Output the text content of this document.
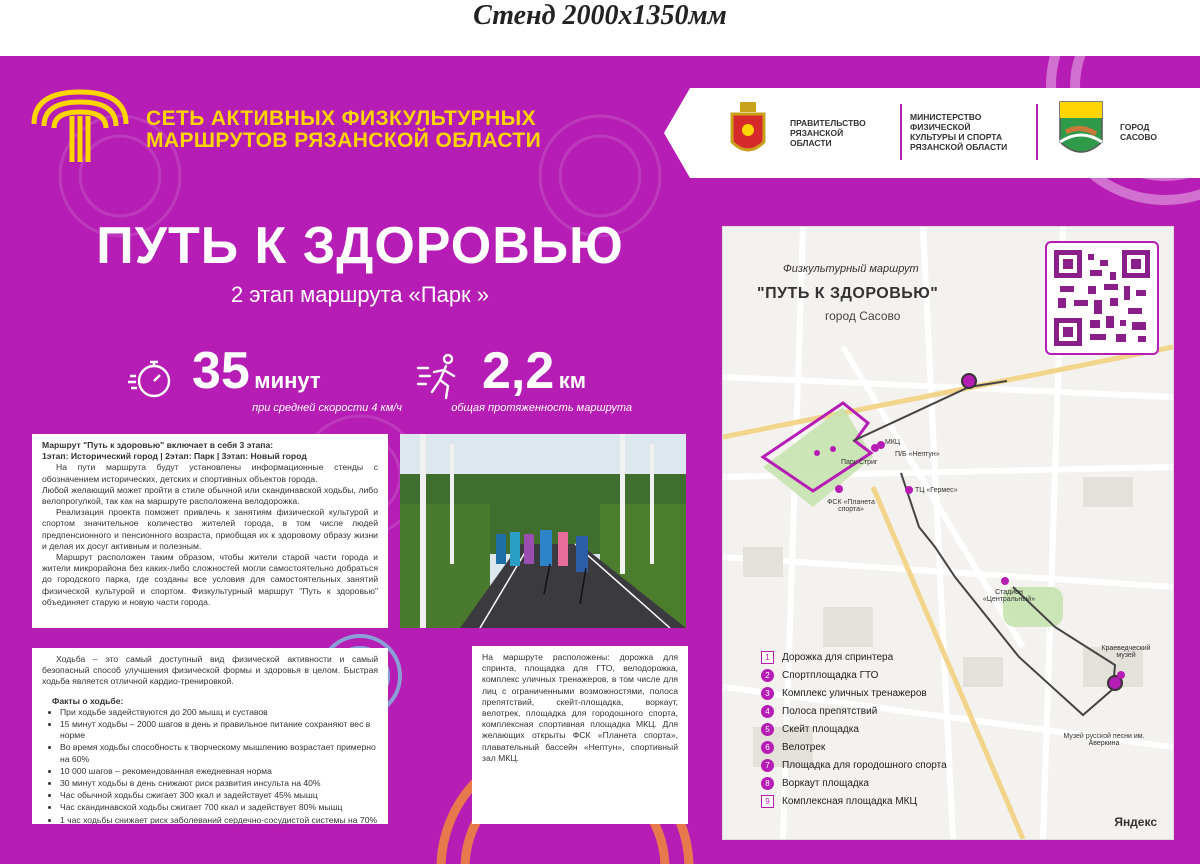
Стенд 2000х1350мм
СЕТЬ АКТИВНЫХ ФИЗКУЛЬТУРНЫХ
МАРШРУТОВ РЯЗАНСКОЙ ОБЛАСТИ
ПРАВИТЕЛЬСТВО
РЯЗАНСКОЙ
ОБЛАСТИ
МИНИСТЕРСТВО
ФИЗИЧЕСКОЙ
КУЛЬТУРЫ И СПОРТА
РЯЗАНСКОЙ ОБЛАСТИ
ГОРОД
САСОВО
ПУТЬ К ЗДОРОВЬЮ
2 этап маршрута «Парк »
35 минут
при средней скорости 4 км/ч
2,2 км
общая протяженность маршрута

Маршрут "Путь к здоровью" включает в себя 3 этапа:

1этап: Исторический город | 2этап: Парк | 3этап: Новый город

На пути маршрута будут установлены информационные стенды с обозначением исторических, детских и спортивных объектов города.

Любой желающий может пройти в стиле обычной или скандинавской ходьбы, либо велопрогулкой, так как на маршруте расположена велодорожка.

Реализация проекта поможет привлечь к занятиям физической культурой и спортом значительное количество жителей города, в том числе людей предпенсионного и пенсионного возраста, приобщая их к здоровому образу жизни и делая их досуг активным и полезным.

Маршрут расположен таким образом, чтобы жители старой части города и жители микрорайона без каких-либо сложностей могли самостоятельно добраться до городского парка, где созданы все условия для самостоятельных занятий физической культурой и спортом. Физкультурный маршрут "Путь к здоровью" объединяет старую и новую части города.

Ходьба – это самый доступный вид физической активности и самый безопасный способ улучшения физической формы и здоровья в целом. Быстрая ходьба является отличной кардио-тренировкой.

Факты о ходьбе:

• При ходьбе задействуются до 200 мышц и суставов
• 15 минут ходьбы – 2000 шагов в день и правильное питание сохраняют вес в норме
• Во время ходьбы способность к творческому мышлению возрастает примерно на 60%
• 10 000 шагов – рекомендованная ежедневная норма
• 30 минут ходьбы в день снижают риск развития инсульта на 40%
• Час обычной ходьбы сжигает 300 ккал и задействует 45% мышц
• Час скандинавской ходьбы сжигает 700 ккал и задействует 80% мышц
• 1 час ходьбы снижает риск заболеваний сердечно-сосудистой системы на 70%

На маршруте расположены: дорожка для спринта, площадка для ГТО, велодорожка, комплекс уличных тренажеров, в том числе для лиц с ограниченными возможностями, полоса препятствий, скейт-площадка, воркаут, велотрек, площадка для городошного спорта, комплексная спортивная площадка МКЦ. Для желающих открыты ФСК «Планета спорта», плавательный бассейн «Нептун», спортивный зал МКЦ.

Физкультурный маршрут
"ПУТЬ К ЗДОРОВЬЮ"
город Сасово
МКЦ
П/Б «Нептун»
Парк Стриг
ФСК «Планета спорта»
ТЦ «Гермес»
Стадион «Центральный»
Краеведческий музей
Музей русской песни им. Аверкина
1 Дорожка для спринтера
2 Спортплощадка ГТО
3 Комплекс уличных тренажеров
4 Полоса препятствий
5 Скейт площадка
6 Велотрек
7 Площадка для городошного спорта
8 Воркаут площадка
9 Комплексная площадка МКЦ
Яндекс
